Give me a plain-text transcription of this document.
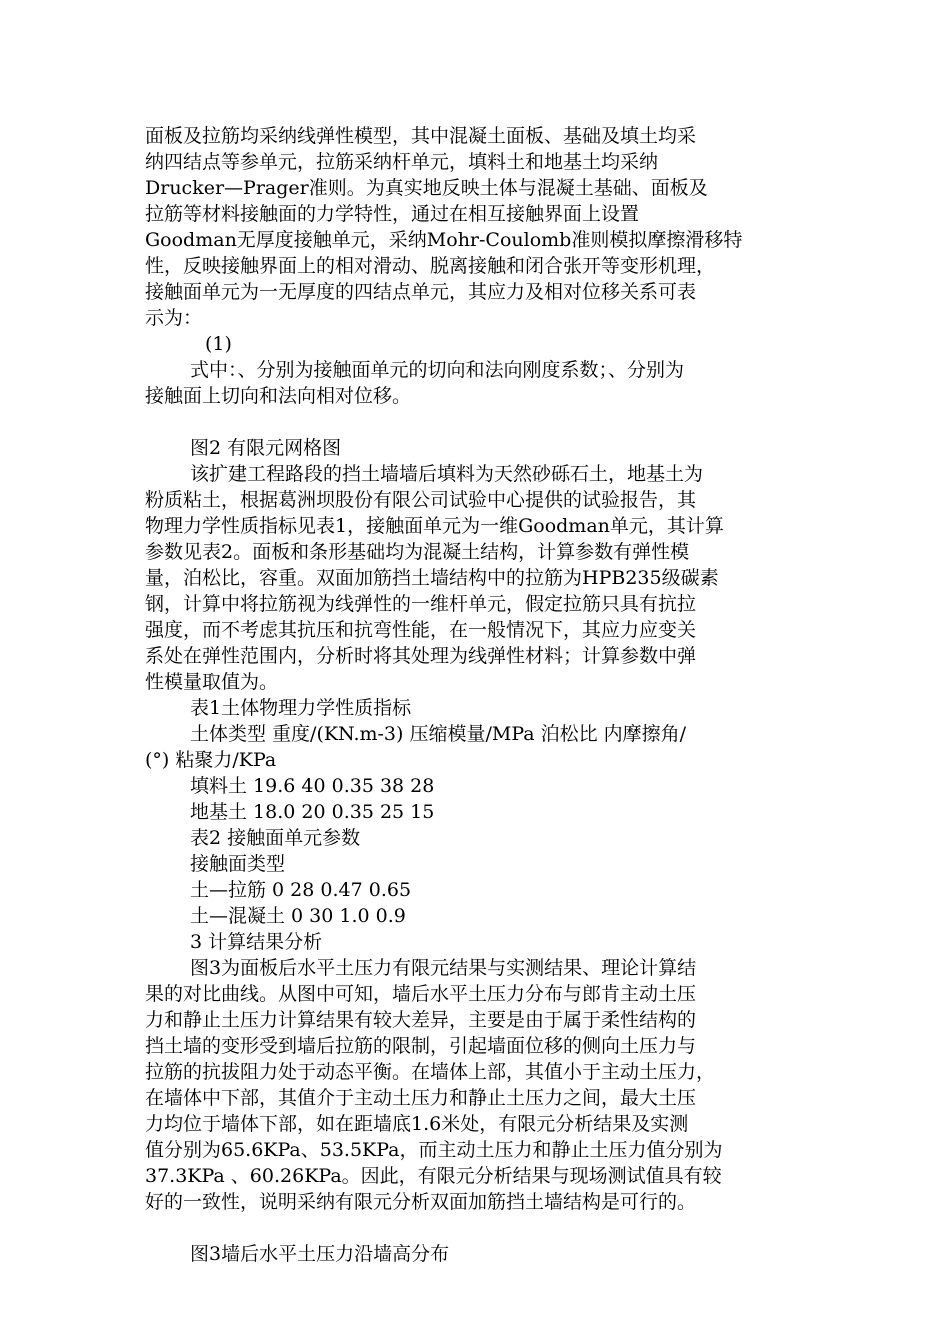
面板及拉筋均采纳线弹性模型，其中混凝土面板、基础及填土均采
纳四结点等参单元，拉筋采纳杆单元，填料土和地基土均采纳
Drucker—Prager准则。为真实地反映土体与混凝土基础、面板及
拉筋等材料接触面的力学特性，通过在相互接触界面上设置
Goodman无厚度接触单元，采纳Mohr-Coulomb准则模拟摩擦滑移特
性，反映接触界面上的相对滑动、脱离接触和闭合张开等变形机理，
接触面单元为一无厚度的四结点单元，其应力及相对位移关系可表
示为：
(1)
式中：、分别为接触面单元的切向和法向刚度系数；、分别为
接触面上切向和法向相对位移。
图2 有限元网格图
该扩建工程路段的挡土墙墙后填料为天然砂砾石土，地基土为
粉质粘土，根据葛洲坝股份有限公司试验中心提供的试验报告，其
物理力学性质指标见表1，接触面单元为一维Goodman单元，其计算
参数见表2。面板和条形基础均为混凝土结构，计算参数有弹性模
量，泊松比，容重。双面加筋挡土墙结构中的拉筋为HPB235级碳素
钢，计算中将拉筋视为线弹性的一维杆单元，假定拉筋只具有抗拉
强度，而不考虑其抗压和抗弯性能，在一般情况下，其应力应变关
系处在弹性范围内，分析时将其处理为线弹性材料；计算参数中弹
性模量取值为。
表1土体物理力学性质指标
土体类型 重度/(KN.m-3) 压缩模量/MPa 泊松比 内摩擦角/
(°) 粘聚力/KPa
填料土 19.6 40 0.35 38 28
地基土 18.0 20 0.35 25 15
表2 接触面单元参数
接触面类型
土—拉筋 0 28 0.47 0.65
土—混凝土 0 30 1.0 0.9
3 计算结果分析
图3为面板后水平土压力有限元结果与实测结果、理论计算结
果的对比曲线。从图中可知，墙后水平土压力分布与郎肯主动土压
力和静止土压力计算结果有较大差异，主要是由于属于柔性结构的
挡土墙的变形受到墙后拉筋的限制，引起墙面位移的侧向土压力与
拉筋的抗拔阻力处于动态平衡。在墙体上部，其值小于主动土压力，
在墙体中下部，其值介于主动土压力和静止土压力之间，最大土压
力均位于墙体下部，如在距墙底1.6米处，有限元分析结果及实测
值分别为65.6KPa、53.5KPa，而主动土压力和静止土压力值分别为
37.3KPa 、60.26KPa。因此，有限元分析结果与现场测试值具有较
好的一致性，说明采纳有限元分析双面加筋挡土墙结构是可行的。
图3墙后水平土压力沿墙高分布
